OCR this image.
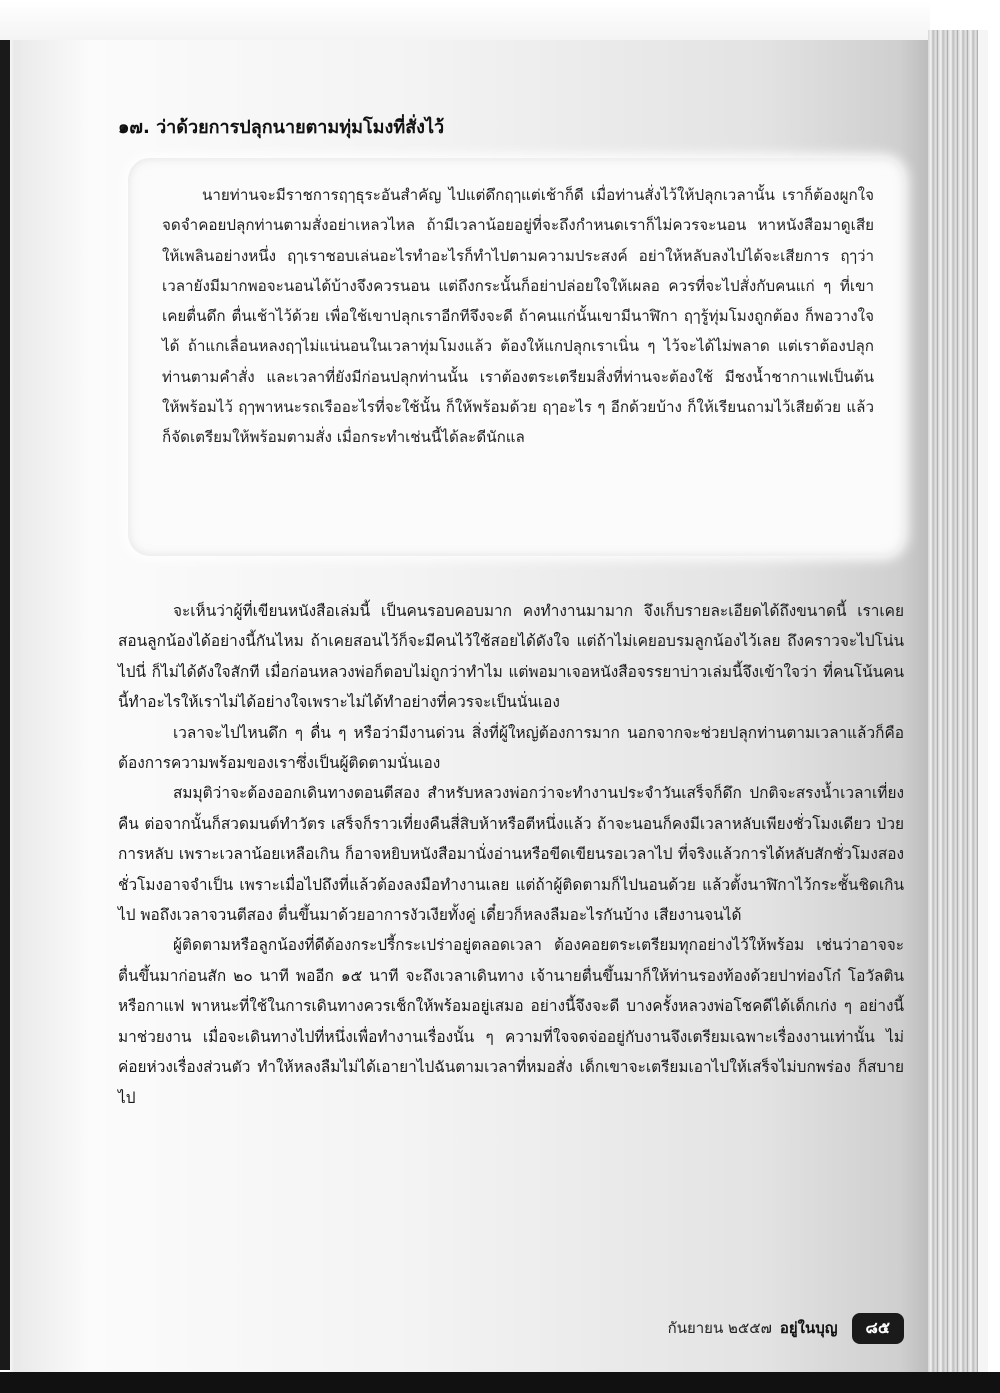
๑๗. ว่าด้วยการปลุกนายตามทุ่มโมงที่สั่งไว้

นายท่านจะมีราชการฤๅธุระอันสำคัญ ไปแต่ดึกฤๅแต่เช้าก็ดี เมื่อท่านสั่งไว้ให้ปลุกเวลานั้น เราก็ต้องผูกใจจดจำคอยปลุกท่านตามสั่งอย่าเหลวไหล ถ้ามีเวลาน้อยอยู่ที่จะถึงกำหนดเราก็ไม่ควรจะนอน หาหนังสือมาดูเสียให้เพลินอย่างหนึ่ง ฤๅเราชอบเล่นอะไรทำอะไรก็ทำไปตามความประสงค์ อย่าให้หลับลงไปได้จะเสียการ ฤๅว่าเวลายังมีมากพอจะนอนได้บ้างจึงควรนอน แต่ถึงกระนั้นก็อย่าปล่อยใจให้เผลอ ควรที่จะไปสั่งกับคนแก่ ๆ ที่เขาเคยตื่นดึก ตื่นเช้าไว้ด้วย เพื่อใช้เขาปลุกเราอีกทีจึงจะดี ถ้าคนแก่นั้นเขามีนาฬิกา ฤๅรู้ทุ่มโมงถูกต้อง ก็พอวางใจได้ ถ้าแกเลื่อนหลงฤๅไม่แน่นอนในเวลาทุ่มโมงแล้ว ต้องให้แกปลุกเราเนิ่น ๆ ไว้จะได้ไม่พลาด แต่เราต้องปลุกท่านตามคำสั่ง และเวลาที่ยังมีก่อนปลุกท่านนั้น เราต้องตระเตรียมสิ่งที่ท่านจะต้องใช้ มีชงน้ำชากาแฟเป็นต้น ให้พร้อมไว้ ฤๅพาหนะรถเรืออะไรที่จะใช้นั้น ก็ให้พร้อมด้วย ฤๅอะไร ๆ อีกด้วยบ้าง ก็ให้เรียนถามไว้เสียด้วย แล้วก็จัดเตรียมให้พร้อมตามสั่ง เมื่อกระทำเช่นนี้ได้ละดีนักแล

จะเห็นว่าผู้ที่เขียนหนังสือเล่มนี้ เป็นคนรอบคอบมาก คงทำงานมามาก จึงเก็บรายละเอียดได้ถึงขนาดนี้ เราเคยสอนลูกน้องได้อย่างนี้กันไหม ถ้าเคยสอนไว้ก็จะมีคนไว้ใช้สอยได้ดังใจ แต่ถ้าไม่เคยอบรมลูกน้องไว้เลย ถึงคราวจะไปโน่นไปนี่ ก็ไม่ได้ดังใจสักที เมื่อก่อนหลวงพ่อก็ตอบไม่ถูกว่าทำไม แต่พอมาเจอหนังสือจรรยาบ่าวเล่มนี้จึงเข้าใจว่า ที่คนโน้นคนนี้ทำอะไรให้เราไม่ได้อย่างใจเพราะไม่ได้ทำอย่างที่ควรจะเป็นนั่นเอง

เวลาจะไปไหนดึก ๆ ดื่น ๆ หรือว่ามีงานด่วน สิ่งที่ผู้ใหญ่ต้องการมาก นอกจากจะช่วยปลุกท่านตามเวลาแล้วก็คือ ต้องการความพร้อมของเราซึ่งเป็นผู้ติดตามนั่นเอง

สมมุติว่าจะต้องออกเดินทางตอนตีสอง สำหรับหลวงพ่อกว่าจะทำงานประจำวันเสร็จก็ดึก ปกติจะสรงน้ำเวลาเที่ยงคืน ต่อจากนั้นก็สวดมนต์ทำวัตร เสร็จก็ราวเที่ยงคืนสี่สิบห้าหรือตีหนึ่งแล้ว ถ้าจะนอนก็คงมีเวลาหลับเพียงชั่วโมงเดียว ป่วยการหลับ เพราะเวลาน้อยเหลือเกิน ก็อาจหยิบหนังสือมานั่งอ่านหรือขีดเขียนรอเวลาไป ที่จริงแล้วการได้หลับสักชั่วโมงสองชั่วโมงอาจจำเป็น เพราะเมื่อไปถึงที่แล้วต้องลงมือทำงานเลย แต่ถ้าผู้ติดตามก็ไปนอนด้วย แล้วตั้งนาฬิกาไว้กระชั้นชิดเกินไป พอถึงเวลาจวนตีสอง ตื่นขึ้นมาด้วยอาการงัวเงียทั้งคู่ เดี๋ยวก็หลงลืมอะไรกันบ้าง เสียงานจนได้

ผู้ติดตามหรือลูกน้องที่ดีต้องกระปรี้กระเปร่าอยู่ตลอดเวลา ต้องคอยตระเตรียมทุกอย่างไว้ให้พร้อม เช่นว่าอาจจะตื่นขึ้นมาก่อนสัก ๒๐ นาที พออีก ๑๕ นาที จะถึงเวลาเดินทาง เจ้านายตื่นขึ้นมาก็ให้ท่านรองท้องด้วยปาท่องโก๋ โอวัลตินหรือกาแฟ พาหนะที่ใช้ในการเดินทางควรเช็กให้พร้อมอยู่เสมอ อย่างนี้จึงจะดี บางครั้งหลวงพ่อโชคดีได้เด็กเก่ง ๆ อย่างนี้มาช่วยงาน เมื่อจะเดินทางไปที่หนึ่งเพื่อทำงานเรื่องนั้น ๆ ความที่ใจจดจ่ออยู่กับงานจึงเตรียมเฉพาะเรื่องงานเท่านั้น ไม่ค่อยห่วงเรื่องส่วนตัว ทำให้หลงลืมไม่ได้เอายาไปฉันตามเวลาที่หมอสั่ง เด็กเขาจะเตรียมเอาไปให้เสร็จไม่บกพร่อง ก็สบายไป

กันยายน ๒๕๕๗ อยู่ในบุญ	๘๕
